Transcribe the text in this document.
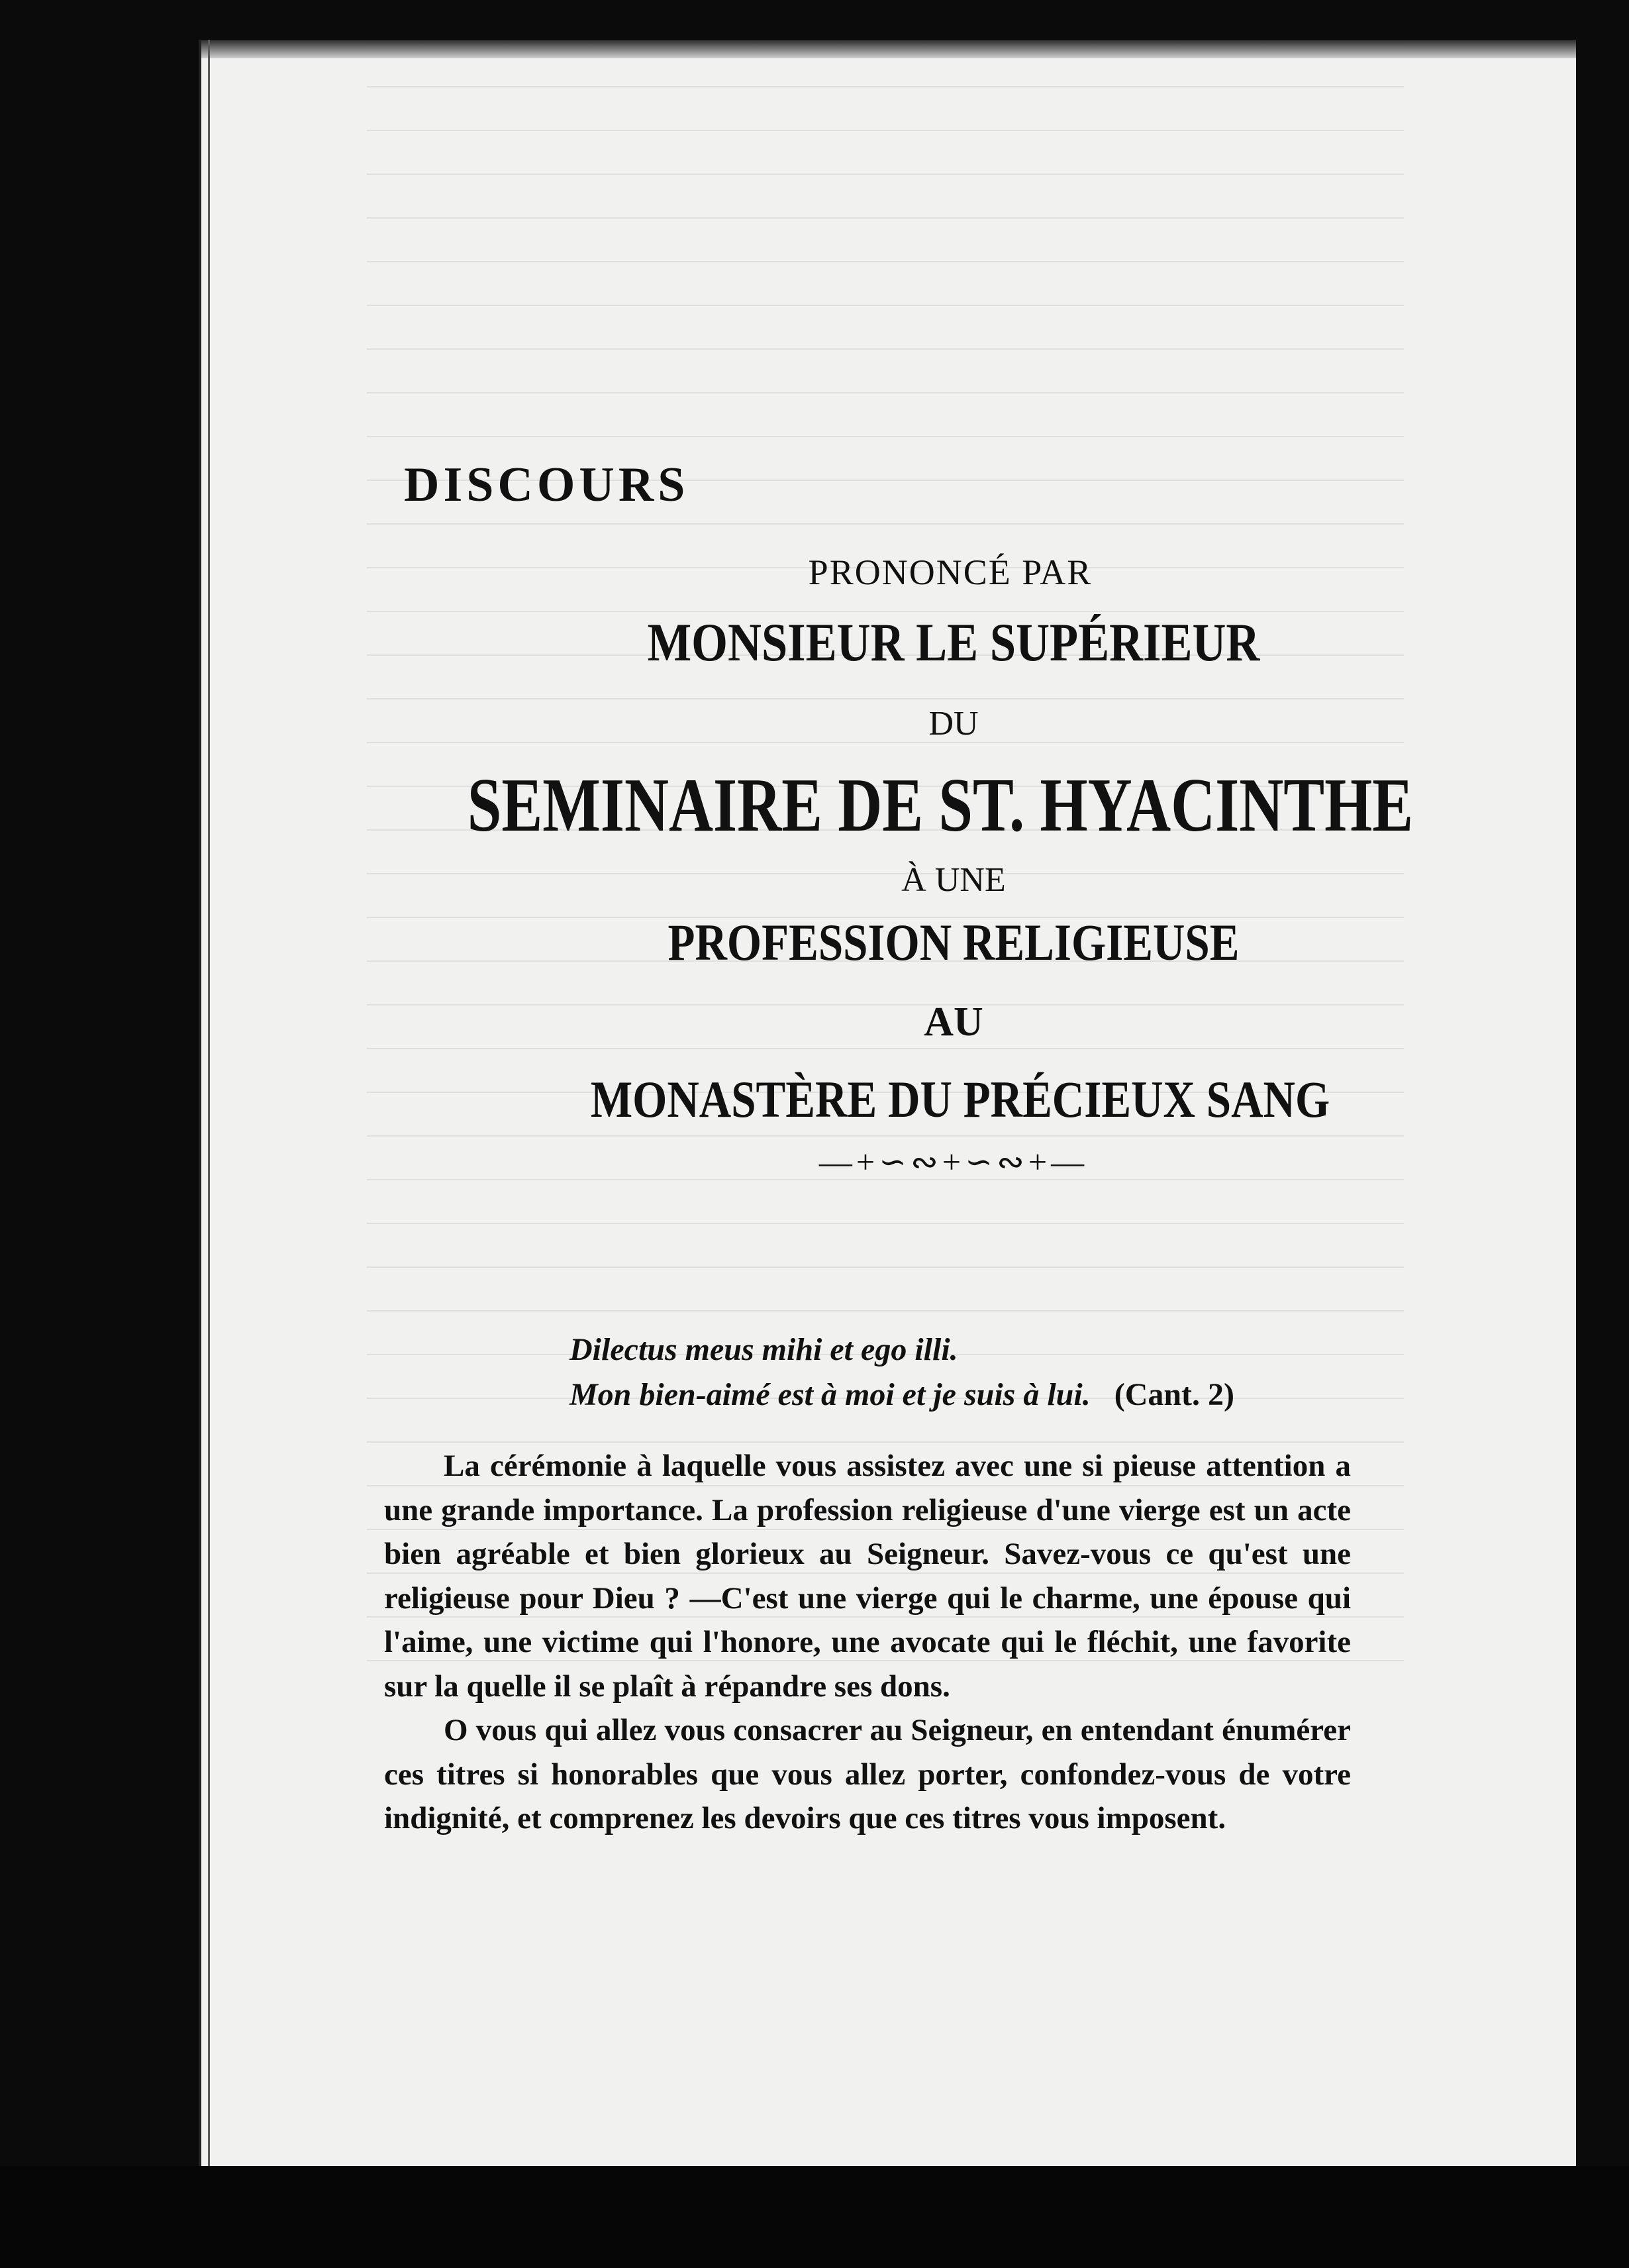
DISCOURS
PRONONCÉ PAR
MONSIEUR LE SUPÉRIEUR
DU
SEMINAIRE DE ST. HYACINTHE
À UNE
PROFESSION RELIGIEUSE
AU
MONASTÈRE DU PRÉCIEUX SANG
—+∽∾+∽∾+—
Dilectus meus mihi et ego illi.
Mon bien-aimé est à moi et je suis à lui. (Cant. 2)

La cérémonie à laquelle vous assistez avec une si pieuse attention a une grande importance. La profession religieuse d'une vierge est un acte bien agréable et bien glorieux au Seigneur. Savez-vous ce qu'est une religieuse pour Dieu ? —C'est une vierge qui le charme, une épouse qui l'aime, une victime qui l'honore, une avocate qui le fléchit, une favorite sur la quelle il se plaît à répandre ses dons.

O vous qui allez vous consacrer au Seigneur, en entendant énumérer ces titres si honorables que vous allez porter, confondez-vous de votre indignité, et comprenez les devoirs que ces titres vous imposent.
